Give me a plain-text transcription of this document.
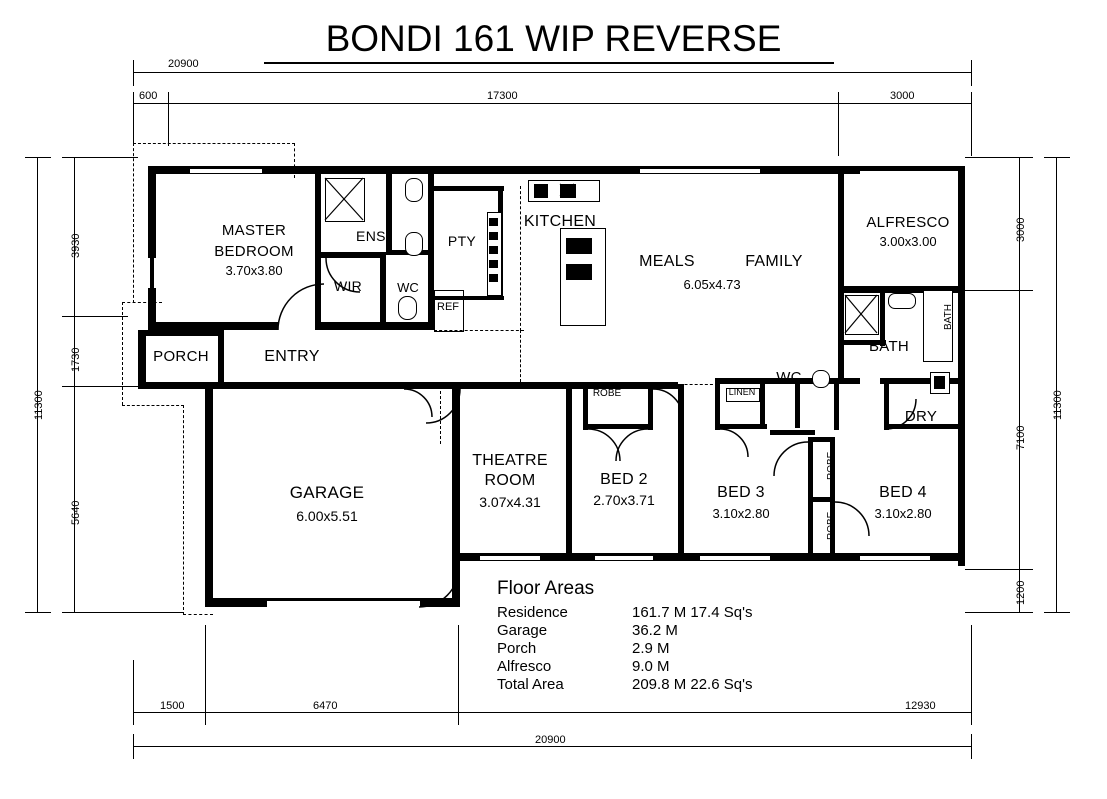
BONDI 161 WIP REVERSE
20900
600	17300	3000
11300
3930
1730
5640
3000
7100
1200
11300
1500	6470	12930
20900
MASTER
BEDROOM
3.70x3.80
ENS.
WIR	WC
PTY
REF
KITCHEN
MEALS	FAMILY
6.05x4.73
ALFRESCO
3.00x3.00
BATH
BATH
LINEN
WC
DRY
PORCH	ENTRY
GARAGE
6.00x5.51
THEATRE
ROOM
3.07x4.31
BED 2
2.70x3.71	BED 3
3.10x2.80
BED 4
3.10x2.80
ROBE
ROBE
ROBE
Floor Areas
Residence	161.7 M 17.4 Sq's
Garage	36.2 M
Porch	2.9 M
Alfresco	9.0 M
Total Area	209.8 M 22.6 Sq's
